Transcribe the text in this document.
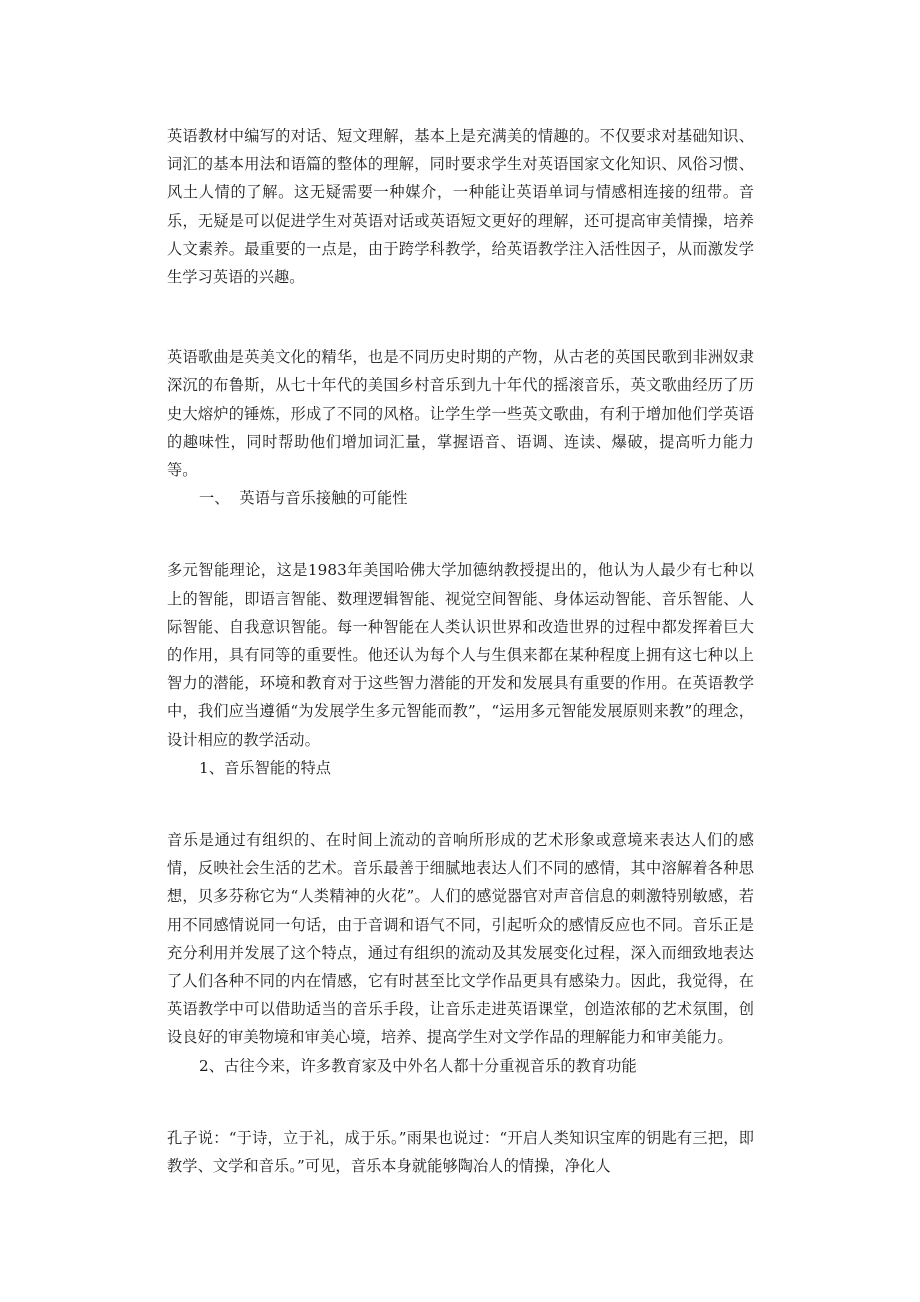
英语教材中编写的对话、短文理解，基本上是充满美的情趣的。不仅要求对基础知识、词汇的基本用法和语篇的整体的理解，同时要求学生对英语国家文化知识、风俗习惯、风土人情的了解。这无疑需要一种媒介，一种能让英语单词与情感相连接的纽带。音乐，无疑是可以促进学生对英语对话或英语短文更好的理解，还可提高审美情操，培养人文素养。最重要的一点是，由于跨学科教学，给英语教学注入活性因子，从而激发学生学习英语的兴趣。

英语歌曲是英美文化的精华，也是不同历史时期的产物，从古老的英国民歌到非洲奴隶深沉的布鲁斯，从七十年代的美国乡村音乐到九十年代的摇滚音乐，英文歌曲经历了历史大熔炉的锤炼，形成了不同的风格。让学生学一些英文歌曲，有利于增加他们学英语的趣味性，同时帮助他们增加词汇量，掌握语音、语调、连读、爆破，提高听力能力等。

一、  英语与音乐接触的可能性

多元智能理论，这是1983年美国哈佛大学加德纳教授提出的，他认为人最少有七种以上的智能，即语言智能、数理逻辑智能、视觉空间智能、身体运动智能、音乐智能、人际智能、自我意识智能。每一种智能在人类认识世界和改造世界的过程中都发挥着巨大的作用，具有同等的重要性。他还认为每个人与生俱来都在某种程度上拥有这七种以上智力的潜能，环境和教育对于这些智力潜能的开发和发展具有重要的作用。在英语教学中，我们应当遵循“为发展学生多元智能而教”，“运用多元智能发展原则来教”的理念，设计相应的教学活动。

1、音乐智能的特点

音乐是通过有组织的、在时间上流动的音响所形成的艺术形象或意境来表达人们的感情，反映社会生活的艺术。音乐最善于细腻地表达人们不同的感情，其中溶解着各种思想，贝多芬称它为“人类精神的火花”。人们的感觉器官对声音信息的刺激特别敏感，若用不同感情说同一句话，由于音调和语气不同，引起听众的感情反应也不同。音乐正是充分利用并发展了这个特点，通过有组织的流动及其发展变化过程，深入而细致地表达了人们各种不同的内在情感，它有时甚至比文学作品更具有感染力。因此，我觉得，在英语教学中可以借助适当的音乐手段，让音乐走进英语课堂，创造浓郁的艺术氛围，创设良好的审美物境和审美心境，培养、提高学生对文学作品的理解能力和审美能力。

2、古往今来，许多教育家及中外名人都十分重视音乐的教育功能

孔子说：“于诗，立于礼，成于乐。”雨果也说过：“开启人类知识宝库的钥匙有三把，即教学、文学和音乐。”可见，音乐本身就能够陶冶人的情操，净化人
